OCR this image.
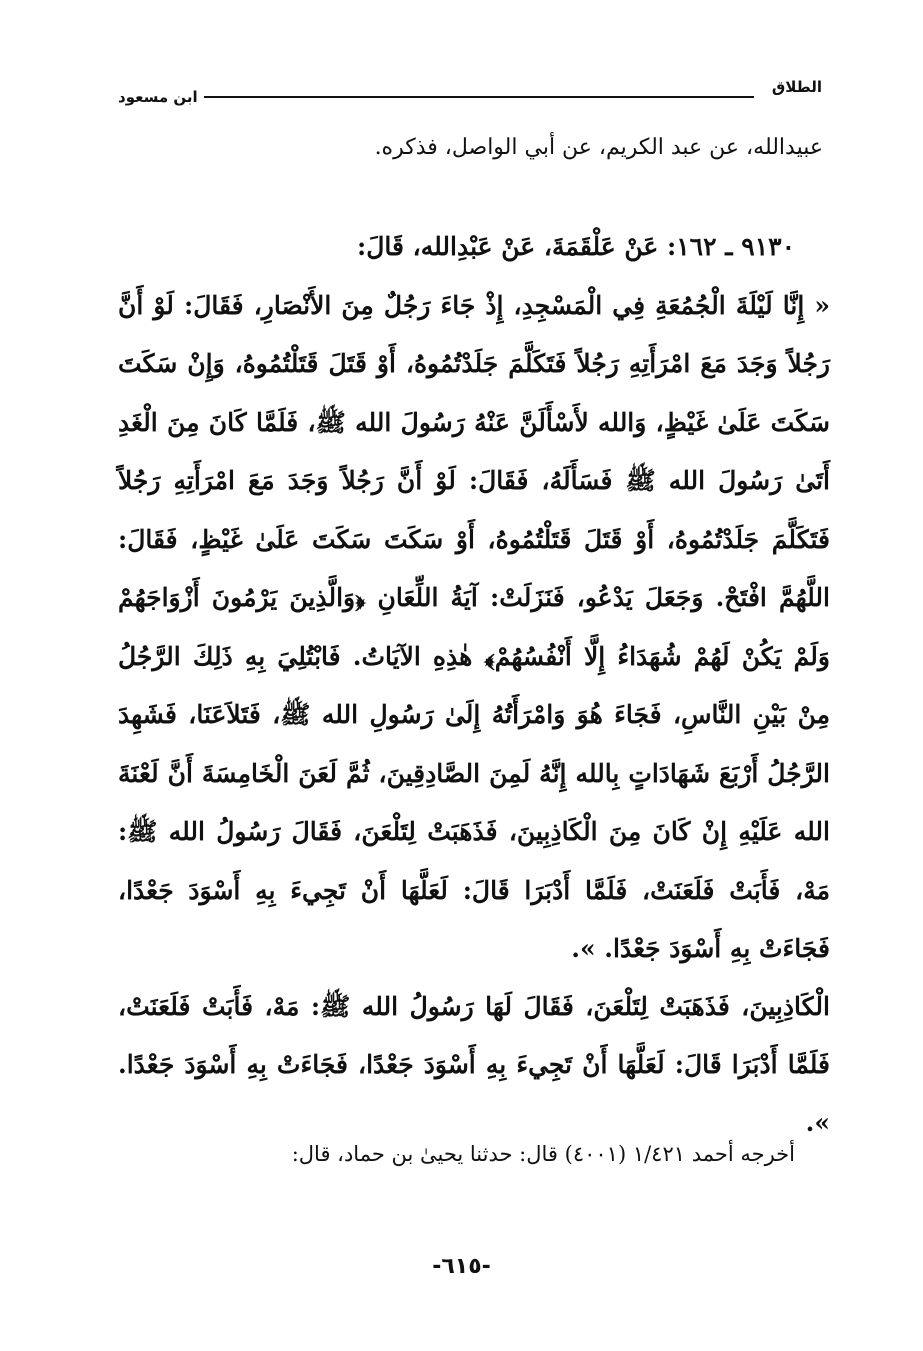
الطلاق
ابن مسعود
عبيدالله، عن عبد الكريم، عن أبي الواصل، فذكره.
٩١٣٠ ـ ١٦٢: عَنْ عَلْقَمَةَ، عَنْ عَبْدِالله، قَالَ:
« إِنَّا لَيْلَةَ الْجُمُعَةِ فِي الْمَسْجِدِ، إِذْ جَاءَ رَجُلٌ مِنَ الأَنْصَارِ، فَقَالَ: لَوْ أَنَّ رَجُلاً وَجَدَ مَعَ امْرَأَتِهِ رَجُلاً فَتَكَلَّمَ جَلَدْتُمُوهُ، أَوْ قَتَلَ قَتَلْتُمُوهُ، وَإِنْ سَكَتَ سَكَتَ عَلَىٰ غَيْظٍ، وَالله لأَسْأَلَنَّ عَنْهُ رَسُولَ الله ﷺ، فَلَمَّا كَانَ مِنَ الْغَدِ أَتَىٰ رَسُولَ الله ﷺ فَسَأَلَهُ، فَقَالَ: لَوْ أَنَّ رَجُلاً وَجَدَ مَعَ امْرَأَتِهِ رَجُلاً فَتَكَلَّمَ جَلَدْتُمُوهُ، أَوْ قَتَلَ قَتَلْتُمُوهُ، أَوْ سَكَتَ سَكَتَ عَلَىٰ غَيْظٍ، فَقَالَ: اللَّهُمَّ افْتَحْ. وَجَعَلَ يَدْعُو، فَنَزَلَتْ: آيَةُ اللِّعَانِ ﴿وَالَّذِينَ يَرْمُونَ أَزْوَاجَهُمْ وَلَمْ يَكُنْ لَهُمْ شُهَدَاءُ إِلَّا أَنْفُسُهُمْ﴾ هٰذِهِ الآيَاتُ. فَابْتُلِيَ بِهِ ذَلِكَ الرَّجُلُ مِنْ بَيْنِ النَّاسِ، فَجَاءَ هُوَ وَامْرَأَتُهُ إِلَىٰ رَسُولِ الله ﷺ، فَتَلاَعَنَا، فَشَهِدَ الرَّجُلُ أَرْبَعَ شَهَادَاتٍ بِالله إِنَّهُ لَمِنَ الصَّادِقِينَ، ثُمَّ لَعَنَ الْخَامِسَةَ أَنَّ لَعْنَةَ الله عَلَيْهِ إِنْ كَانَ مِنَ الْكَاذِبِينَ، فَذَهَبَتْ لِتَلْعَنَ، فَقَالَ رَسُولُ الله ﷺ: مَهْ، فَأَبَتْ فَلَعَنَتْ، فَلَمَّا أَدْبَرَا قَالَ: لَعَلَّهَا أَنْ تَجِيءَ بِهِ أَسْوَدَ جَعْدًا، فَجَاءَتْ بِهِ أَسْوَدَ جَعْدًا. ».
الْكَاذِبِينَ، فَذَهَبَتْ لِتَلْعَنَ، فَقَالَ لَهَا رَسُولُ الله ﷺ: مَهْ، فَأَبَتْ فَلَعَنَتْ، فَلَمَّا أَدْبَرَا قَالَ: لَعَلَّهَا أَنْ تَجِيءَ بِهِ أَسْوَدَ جَعْدًا، فَجَاءَتْ بِهِ أَسْوَدَ جَعْدًا. ».
أخرجه أحمد ١/٤٢١ (٤٠٠١) قال: حدثنا يحيىٰ بن حماد، قال:
-٦١٥-
